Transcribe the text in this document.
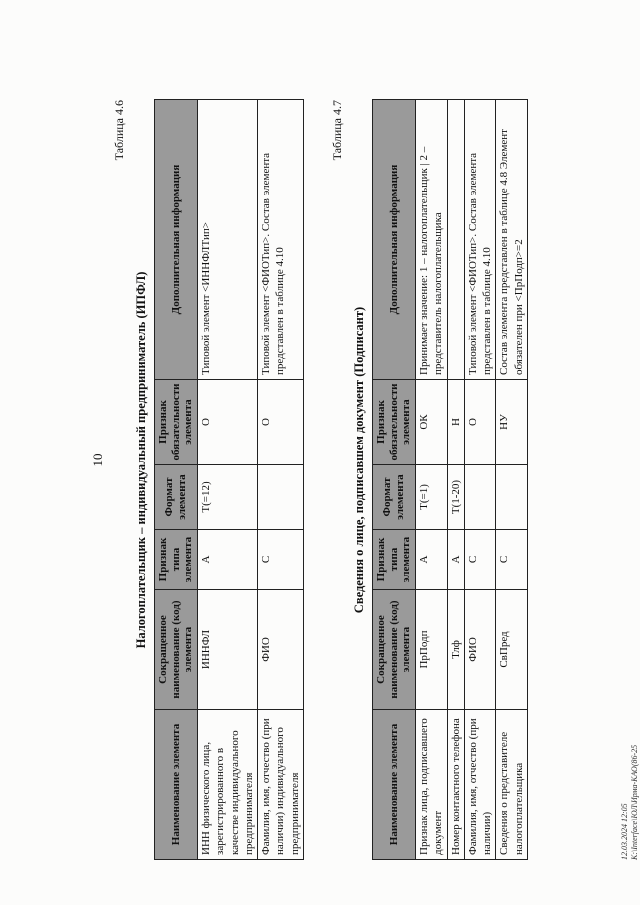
10
Таблица 4.6
Налогоплательщик – индивидуальный предприниматель (ИПФЛ)
Наименование элемента	Сокращенное наименование (код) элемента	Признак типа элемента	Формат элемента	Признак обязательности элемента	Дополнительная информация
ИНН физического лица, зарегистрированного в качестве индивидуального предпринимателя	ИННФЛ	А	Т(=12)	О	Типовой элемент <ИННФЛТип>
Фамилия, имя, отчество (при наличии) индивидуального предпринимателя	ФИО	С		О	Типовой элемент <ФИОТип>. Состав элемента представлен в таблице 4.10
Таблица 4.7
Сведения о лице, подписавшем документ (Подписант)
Наименование элемента	Сокращенное наименование (код) элемента	Признак типа элемента	Формат элемента	Признак обязательности элемента	Дополнительная информация
Признак лица, подписавшего документ	ПрПодп	А	Т(=1)	ОК	Принимает значение: 1 – налогоплательщик | 2 – представитель налогоплательщика
Номер контактного телефона	Тлф	А	Т(1-20)	Н	
Фамилия, имя, отчество (при наличии)	ФИО	С		О	Типовой элемент <ФИОТип>. Состав элемента представлен в таблице 4.10
Сведения о представителе налогоплательщика	СвПред	С		НУ	Состав элемента представлен в таблице 4.8 Элемент обязателен при <ПрПодп>=2
12.03.2024 12:05 K:\Interface\ЮЛ\Ирма-КАО(86-25
